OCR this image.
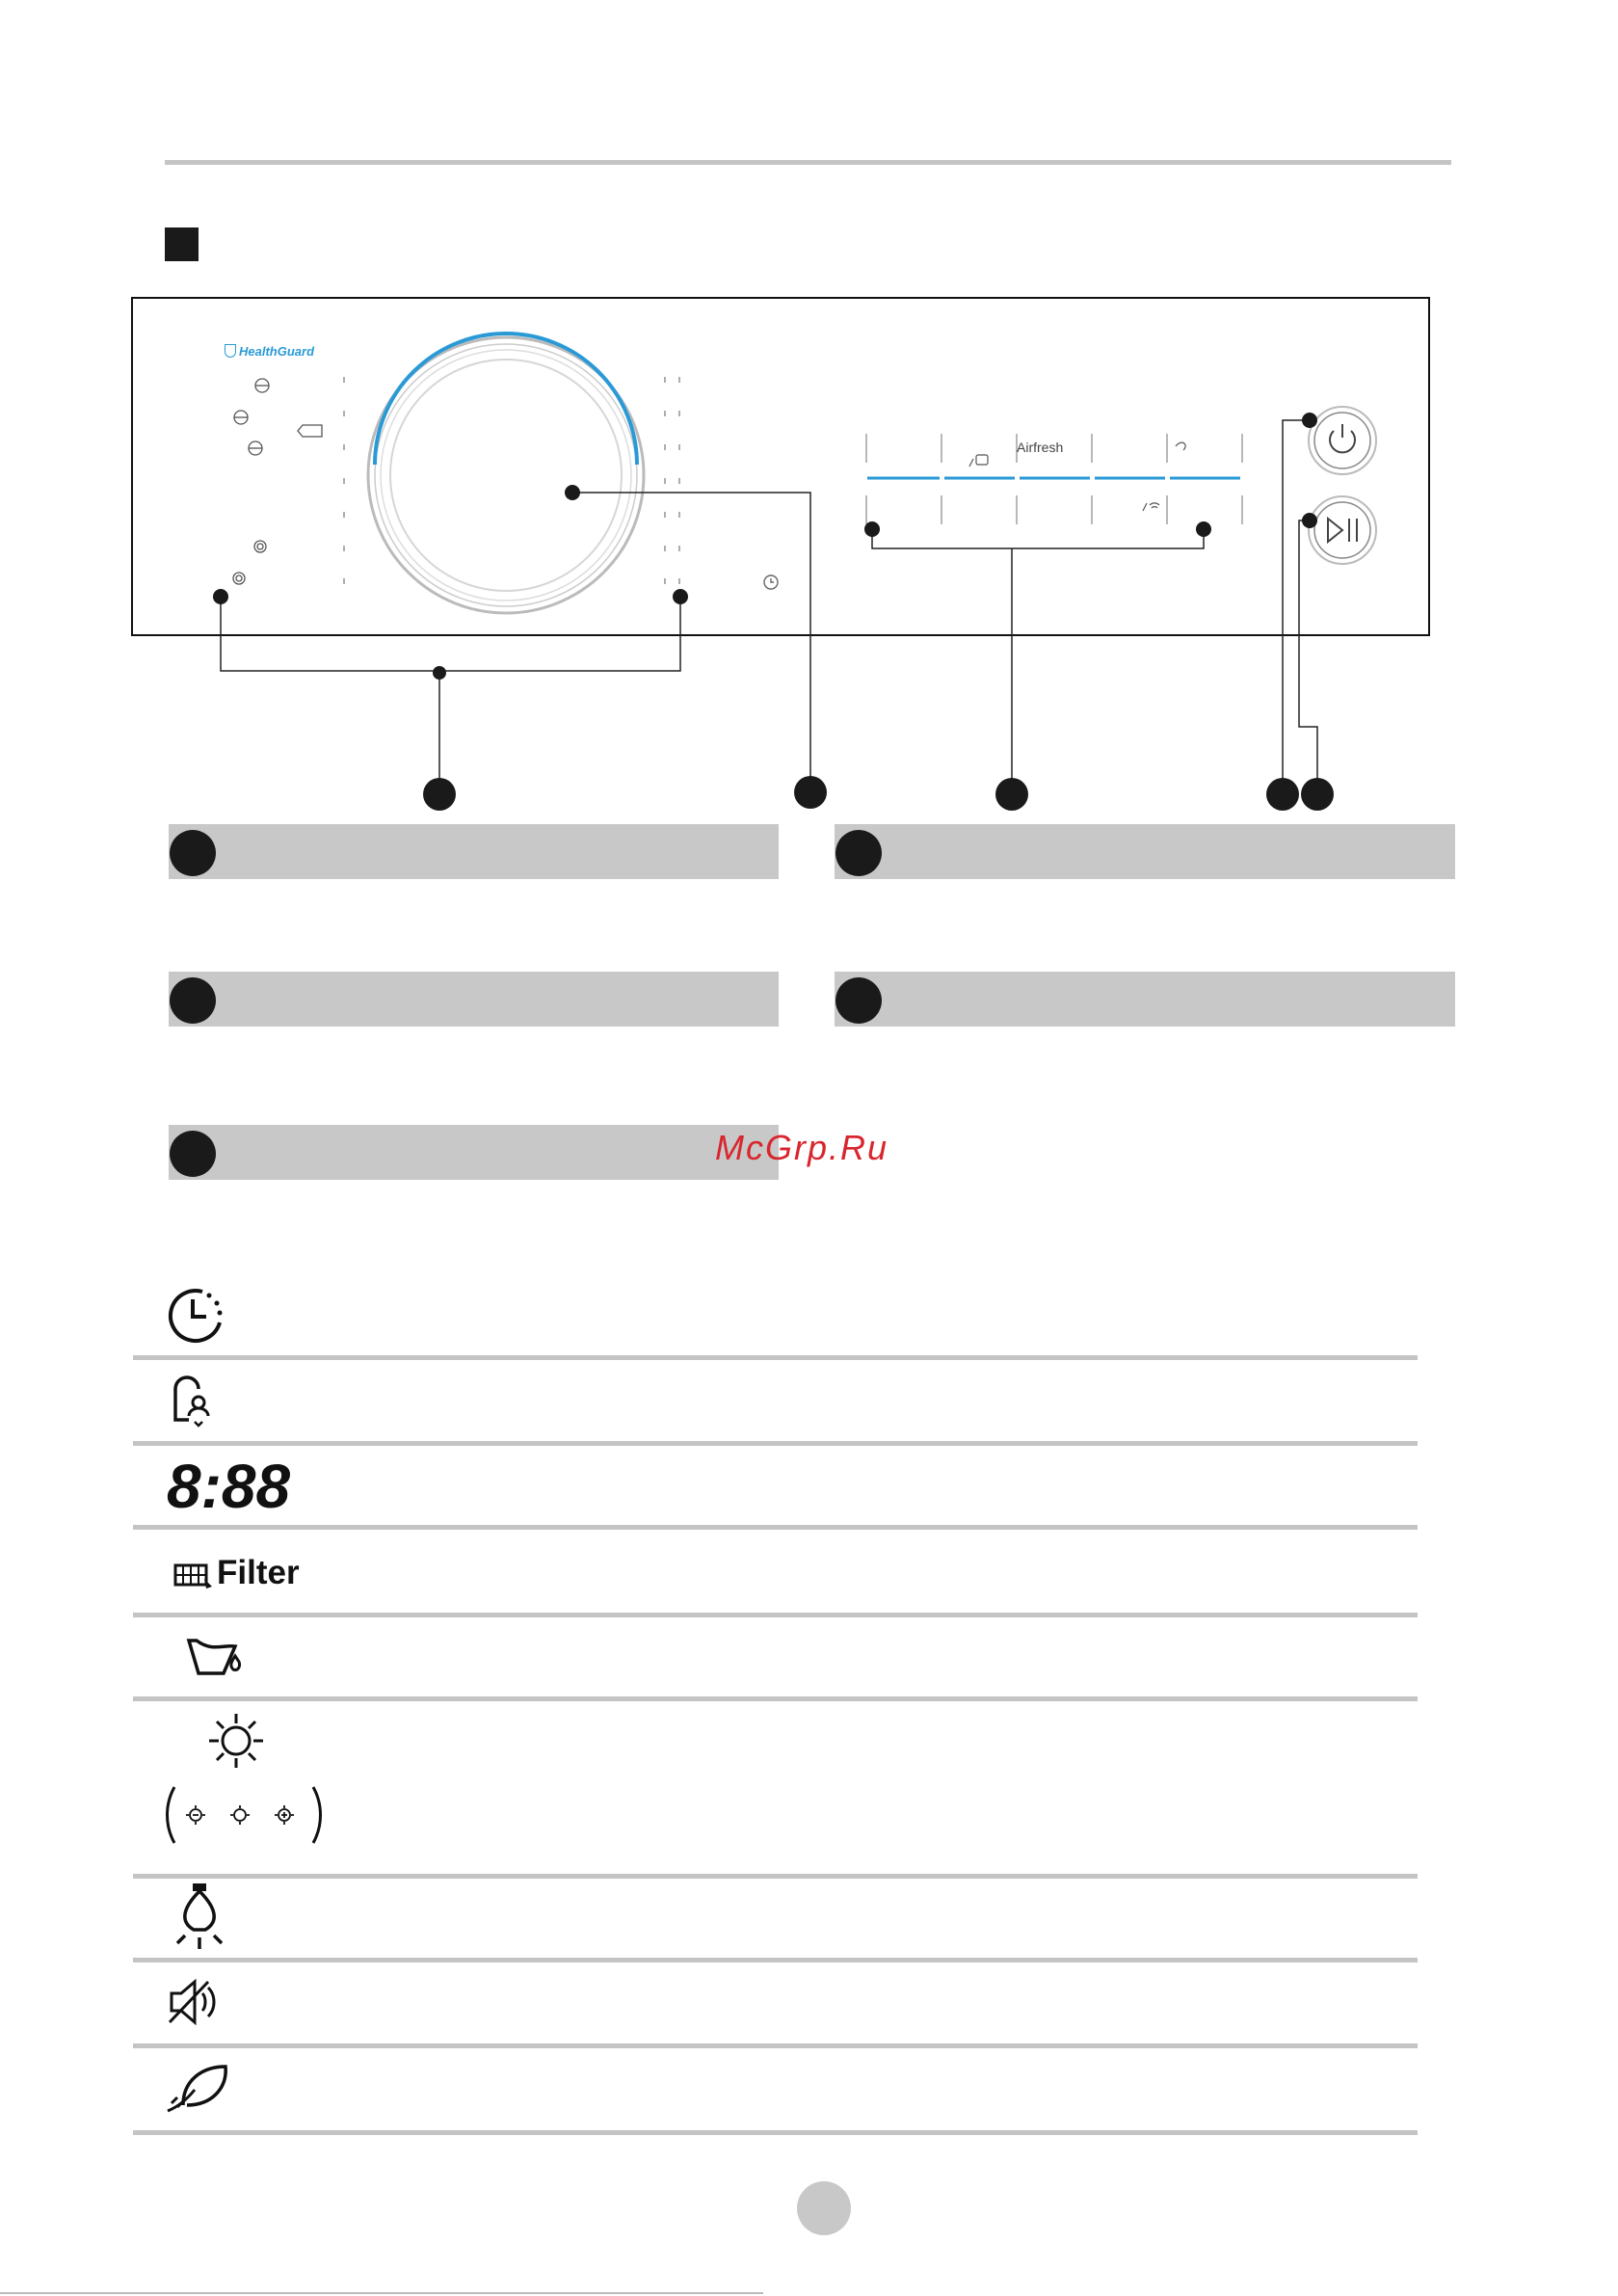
HealthGuard
Airfresh
McGrp.Ru
8:88
Filter
